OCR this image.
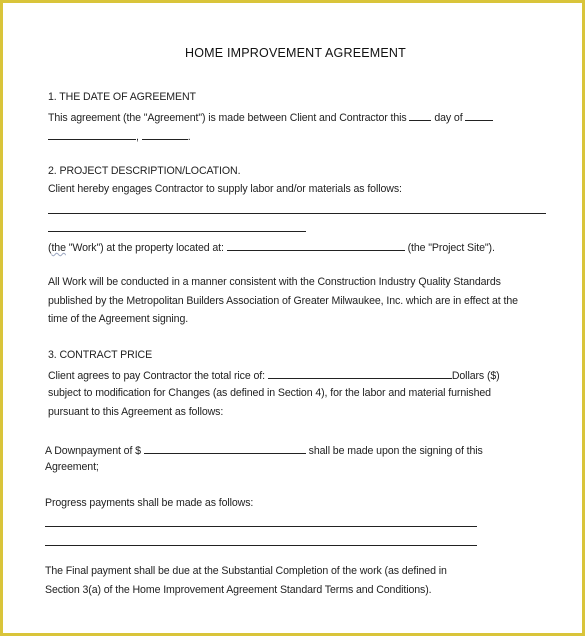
HOME IMPROVEMENT AGREEMENT
1. THE DATE OF AGREEMENT
This agreement (the "Agreement") is made between Client and Contractor this	day of
,	.
2. PROJECT DESCRIPTION/LOCATION.
Client hereby engages Contractor to supply labor and/or materials as follows:
(the "Work") at the property located at:	(the "Project Site").
All Work will be conducted in a manner consistent with the Construction Industry Quality Standards
published by the Metropolitan Builders Association of Greater Milwaukee, Inc. which are in effect at the
time of the Agreement signing.
3. CONTRACT PRICE
Client agrees to pay Contractor the total rice of:	Dollars ($)
subject to modification for Changes (as defined in Section 4), for the labor and material furnished
pursuant to this Agreement as follows:
A Downpayment of $	shall be made upon the signing of this
Agreement;
Progress payments shall be made as follows:
The Final payment shall be due at the Substantial Completion of the work (as defined in
Section 3(a) of the Home Improvement Agreement Standard Terms and Conditions).
